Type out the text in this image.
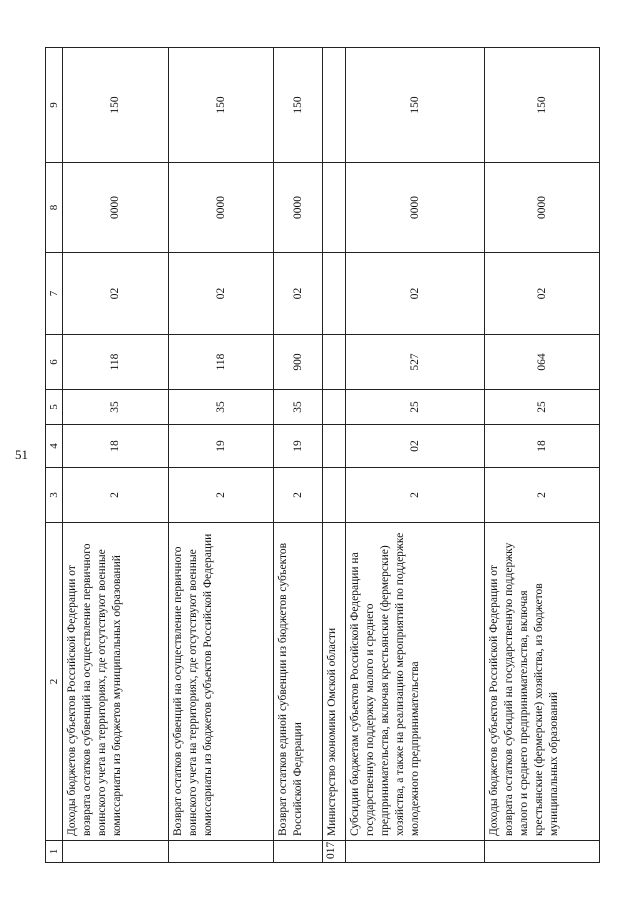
51
1	2	3	4	5	6	7	8	9
	Доходы бюджетов субъектов Российской Федерации от возврата остатков субвенций на осуществление первичного воинского учета на территориях, где отсутствуют военные комиссариаты из бюджетов муниципальных образований	2	18	35	118	02	0000	150
	Возврат остатков субвенций на осуществление первичного воинского учета на территориях, где отсутствуют военные комиссариаты из бюджетов субъектов Российской Федерации	2	19	35	118	02	0000	150
	Возврат остатков единой субвенции из бюджетов субъектов Российской Федерации	2	19	35	900	02	0000	150
017	Министерство экономики Омской области							
	Субсидии бюджетам субъектов Российской Федерации на государственную поддержку малого и среднего предпринимательства, включая крестьянские (фермерские) хозяйства, а также на реализацию мероприятий по поддержке молодежного предпринимательства	2	02	25	527	02	0000	150
	Доходы бюджетов субъектов Российской Федерации от возврата остатков субсидий на государственную поддержку малого и среднего предпринимательства, включая крестьянские (фермерские) хозяйства, из бюджетов муниципальных образований	2	18	25	064	02	0000	150
